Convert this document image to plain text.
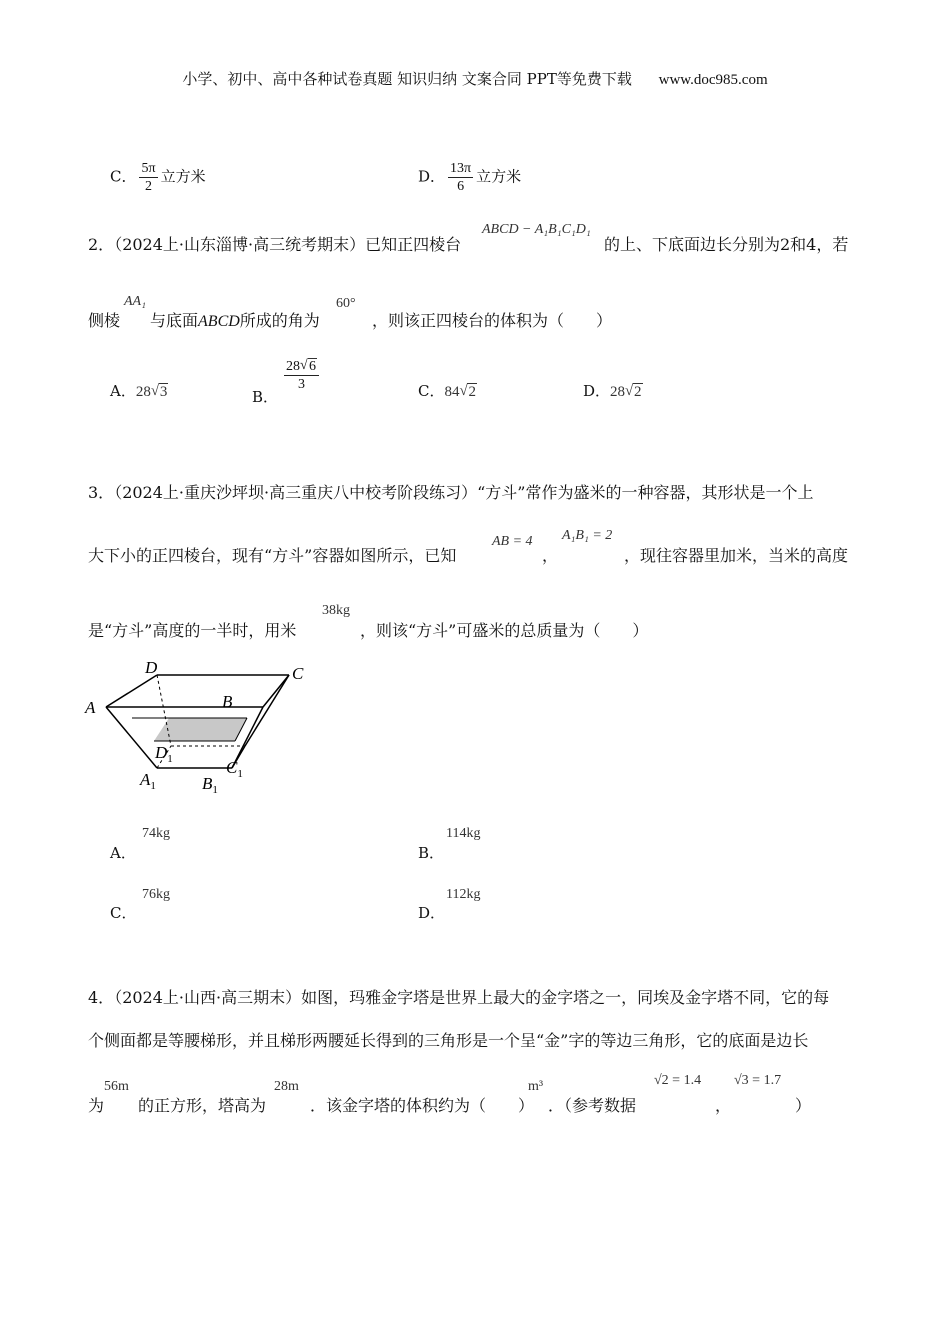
小学、初中、高中各种试卷真题 知识归纳 文案合同 PPT等免费下载 www.doc985.com
C． $\frac{5\pi}{2}$ 立方米	D． $\frac{13\pi}{6}$ 立方米
2．（2024上·山东淄博·高三统考期末）已知正四棱台
ABCD − A₁B₁C₁D₁
的上、下底面边长分别为2和4，若
侧棱
AA₁
与底面ABCD所成的角为
60°
，则该正四棱台的体积为（　　）
A．28 √ 3	B．
$\frac{28 √ 6}{3}$	C．84 √ 2	D．28 √ 2
3．（2024上·重庆沙坪坝·高三重庆八中校考阶段练习）“方斗”常作为盛米的一种容器，其形状是一个上
大下小的正四棱台，现有“方斗”容器如图所示，已知
AB = 4
，
A₁B₁ = 2
，现往容器里加米，当米的高度
是“方斗”高度的一半时，用米
38kg
，则该“方斗”可盛米的总质量为（　　）
A	B
C
D
$D_1$
$A_1$	$B_1$
$C_1$
A．
74kg
B．
114kg
C．
76kg
D．
112kg
4．（2024上·山西·高三期末）如图，玛雅金字塔是世界上最大的金字塔之一，同埃及金字塔不同，它的每
个侧面都是等腰梯形，并且梯形两腰延长得到的三角形是一个呈“金”字的等边三角形，它的底面是边长
为
56m
的正方形，塔高为
28m
．该金字塔的体积约为（　　）
m³
．（参考数据
√2 = 1.4
，
√3 = 1.7
）
